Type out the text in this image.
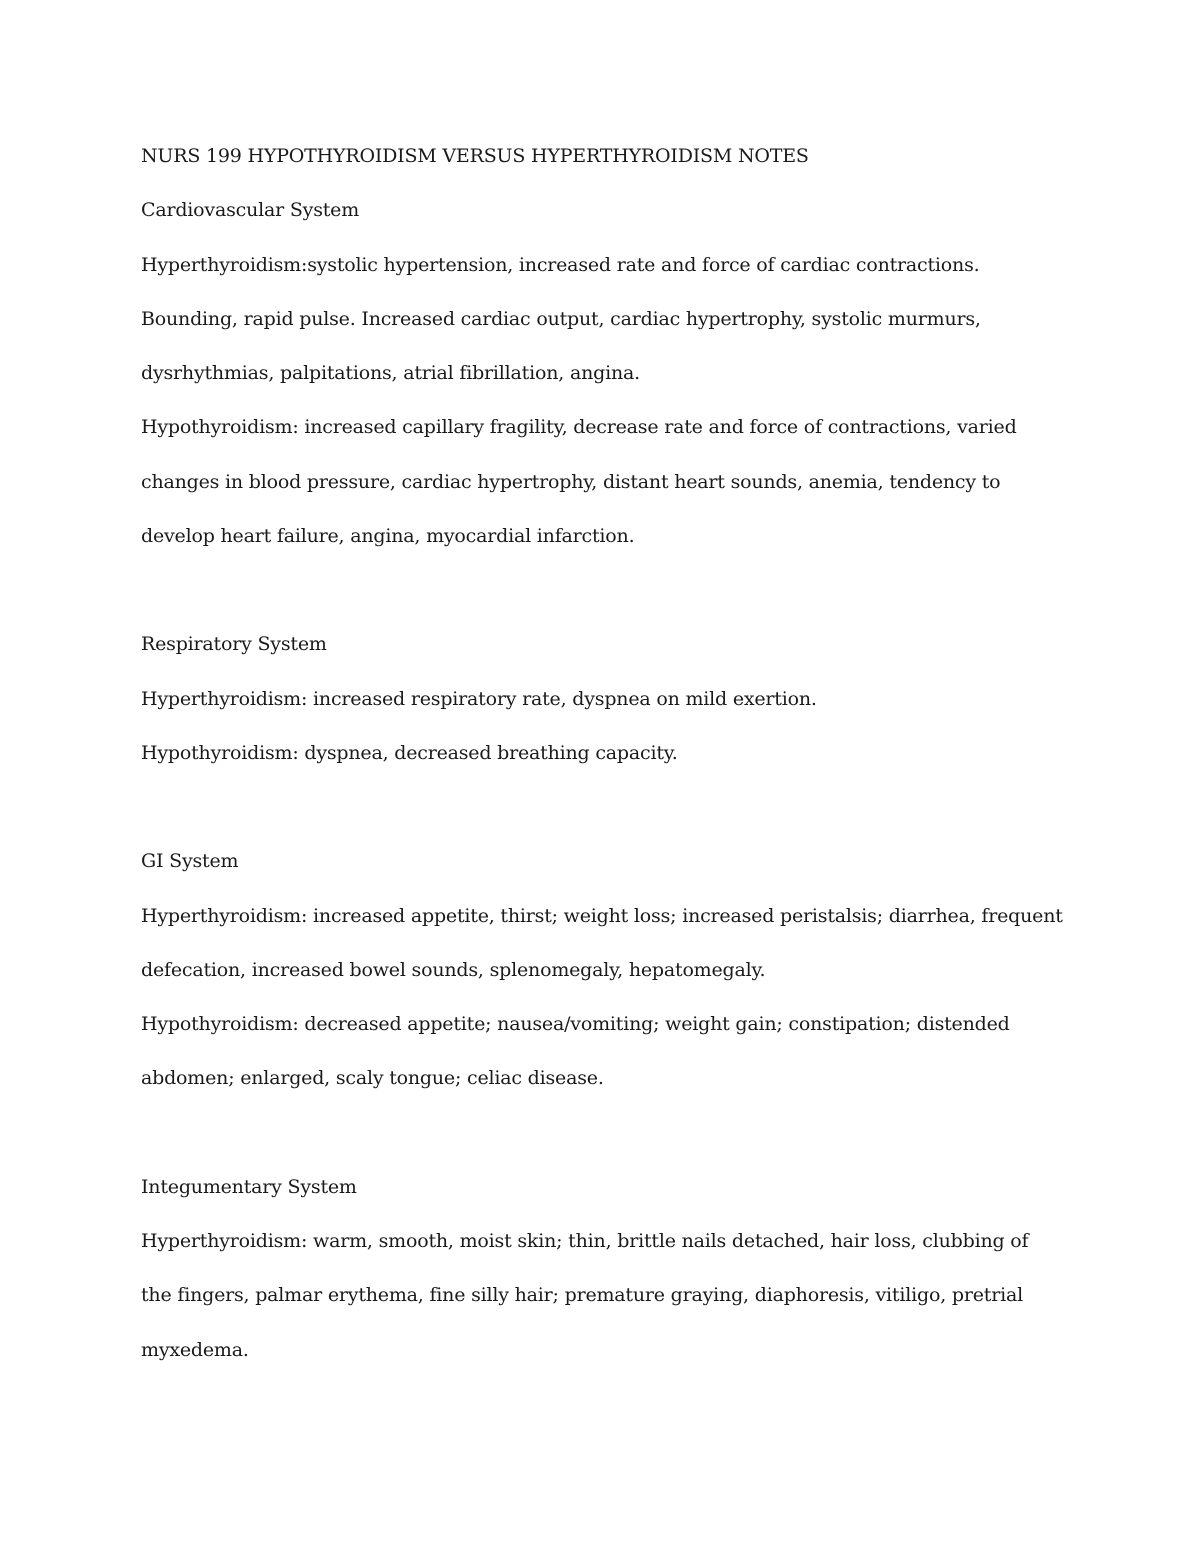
NURS 199 HYPOTHYROIDISM VERSUS HYPERTHYROIDISM NOTES
Cardiovascular System
Hyperthyroidism:systolic hypertension, increased rate and force of cardiac contractions.
Bounding, rapid pulse. Increased cardiac output, cardiac hypertrophy, systolic murmurs,
dysrhythmias, palpitations, atrial fibrillation, angina.
Hypothyroidism: increased capillary fragility, decrease rate and force of contractions, varied
changes in blood pressure, cardiac hypertrophy, distant heart sounds, anemia, tendency to
develop heart failure, angina, myocardial infarction.
Respiratory System
Hyperthyroidism: increased respiratory rate, dyspnea on mild exertion.
Hypothyroidism: dyspnea, decreased breathing capacity.
GI System
Hyperthyroidism: increased appetite, thirst; weight loss; increased peristalsis; diarrhea, frequent
defecation, increased bowel sounds, splenomegaly, hepatomegaly.
Hypothyroidism: decreased appetite; nausea/vomiting; weight gain; constipation; distended
abdomen; enlarged, scaly tongue; celiac disease.
Integumentary System
Hyperthyroidism: warm, smooth, moist skin; thin, brittle nails detached, hair loss, clubbing of
the fingers, palmar erythema, fine silly hair; premature graying, diaphoresis, vitiligo, pretrial
myxedema.
